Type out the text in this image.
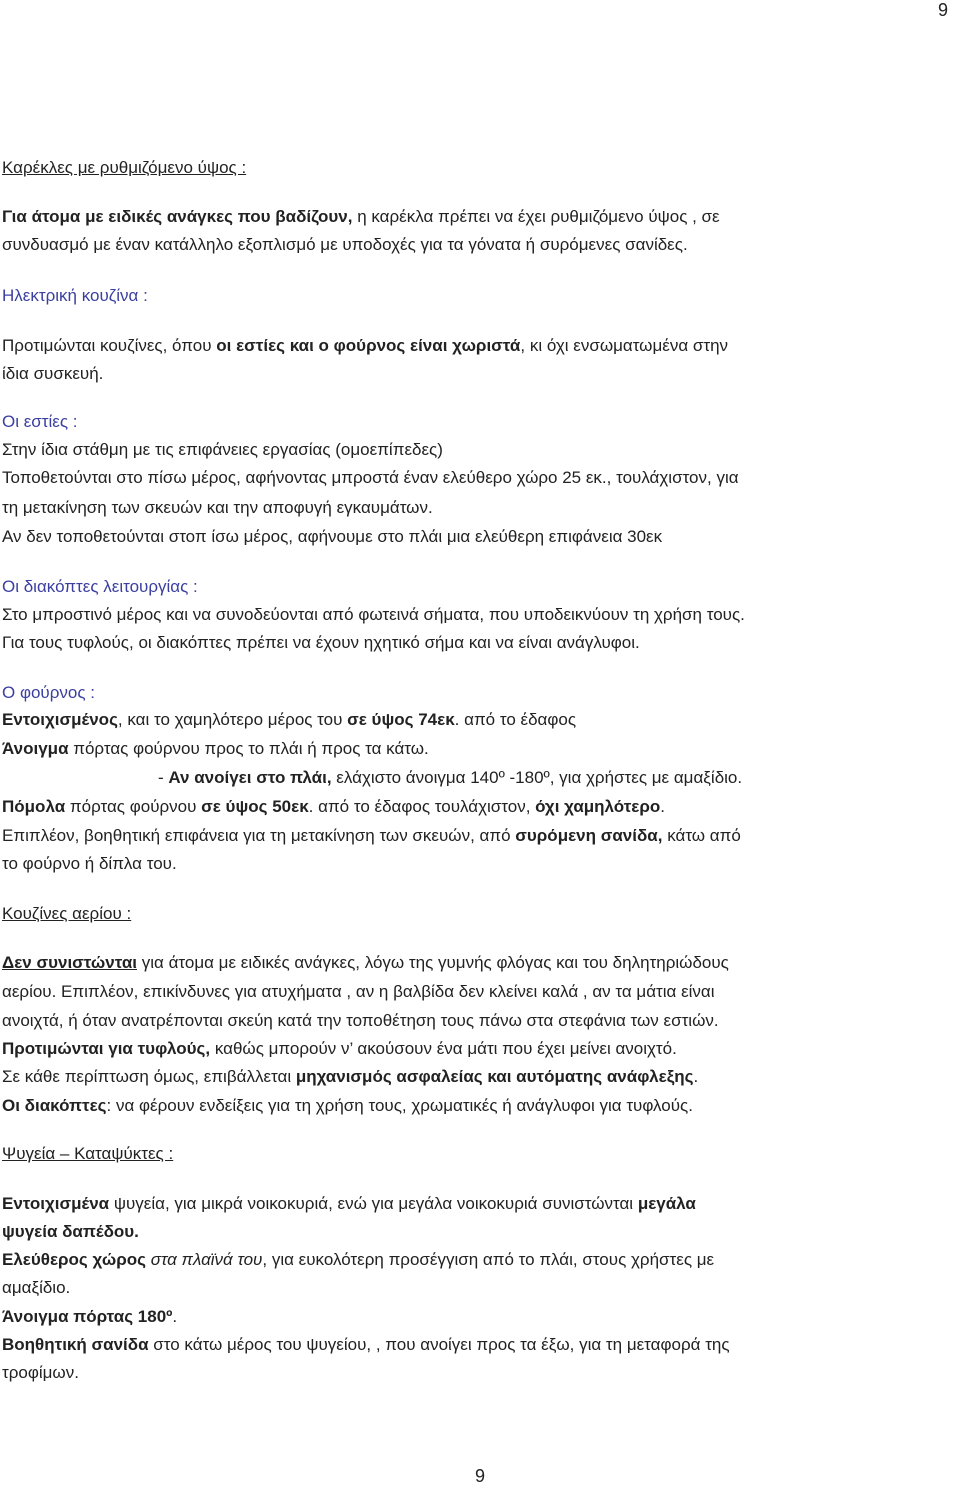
9
Καρέκλες με ρυθμιζόμενο ύψος :
Για άτομα με ειδικές ανάγκες που βαδίζουν, η καρέκλα πρέπει να έχει ρυθμιζόμενο ύψος , σε
συνδυασμό με έναν κατάλληλο εξοπλισμό με υποδοχές για τα γόνατα ή συρόμενες σανίδες.
Ηλεκτρική κουζίνα :
Προτιμώνται κουζίνες, όπου οι εστίες και ο φούρνος είναι χωριστά, κι όχι ενσωματωμένα στην
ίδια συσκευή.
Οι εστίες :
Στην ίδια στάθμη με τις επιφάνειες εργασίας (ομοεπίπεδες)
Τοποθετούνται στο πίσω μέρος, αφήνοντας μπροστά έναν ελεύθερο χώρο 25 εκ., τουλάχιστον, για
τη μετακίνηση των σκευών και την αποφυγή εγκαυμάτων.
Αν δεν τοποθετούνται στοπ ίσω μέρος, αφήνουμε στο πλάι μια ελεύθερη επιφάνεια 30εκ
Οι διακόπτες λειτουργίας :
Στο μπροστινό μέρος και να συνοδεύονται από φωτεινά σήματα, που υποδεικνύουν τη χρήση τους.
Για τους τυφλούς, οι διακόπτες πρέπει να έχουν ηχητικό σήμα και να είναι ανάγλυφοι.
Ο φούρνος :
Εντοιχισμένος, και το χαμηλότερο μέρος του σε ύψος 74εκ. από το έδαφος
Άνοιγμα πόρτας φούρνου προς το πλάι ή προς τα κάτω.
- Αν ανοίγει στο πλάι, ελάχιστο άνοιγμα 140º -180º, για χρήστες με αμαξίδιο.
Πόμολα πόρτας φούρνου σε ύψος 50εκ. από το έδαφος τουλάχιστον, όχι χαμηλότερο.
Επιπλέον, βοηθητική επιφάνεια για τη μετακίνηση των σκευών, από συρόμενη σανίδα, κάτω από
το φούρνο ή δίπλα του.
Κουζίνες αερίου :
Δεν συνιστώνται για άτομα με ειδικές ανάγκες, λόγω της γυμνής φλόγας και του δηλητηριώδους
αερίου. Επιπλέον, επικίνδυνες για ατυχήματα , αν η βαλβίδα δεν κλείνει καλά , αν τα μάτια είναι
ανοιχτά, ή όταν ανατρέπονται σκεύη κατά την τοποθέτηση τους πάνω στα στεφάνια των εστιών.
Προτιμώνται για τυφλούς, καθώς μπορούν ν’ ακούσουν ένα μάτι που έχει μείνει ανοιχτό.
Σε κάθε περίπτωση όμως, επιβάλλεται μηχανισμός ασφαλείας και αυτόματης ανάφλεξης.
Οι διακόπτες: να φέρουν ενδείξεις για τη χρήση τους, χρωματικές ή ανάγλυφοι για τυφλούς.
Ψυγεία – Καταψύκτες :
Εντοιχισμένα ψυγεία, για μικρά νοικοκυριά, ενώ για μεγάλα νοικοκυριά συνιστώνται μεγάλα
ψυγεία δαπέδου.
Ελεύθερος χώρος στα πλαϊνά του, για ευκολότερη προσέγγιση από το πλάι, στους χρήστες με
αμαξίδιο.
Άνοιγμα πόρτας 180º.
Βοηθητική σανίδα στο κάτω μέρος του ψυγείου, , που ανοίγει προς τα έξω, για τη μεταφορά της
τροφίμων.
9
